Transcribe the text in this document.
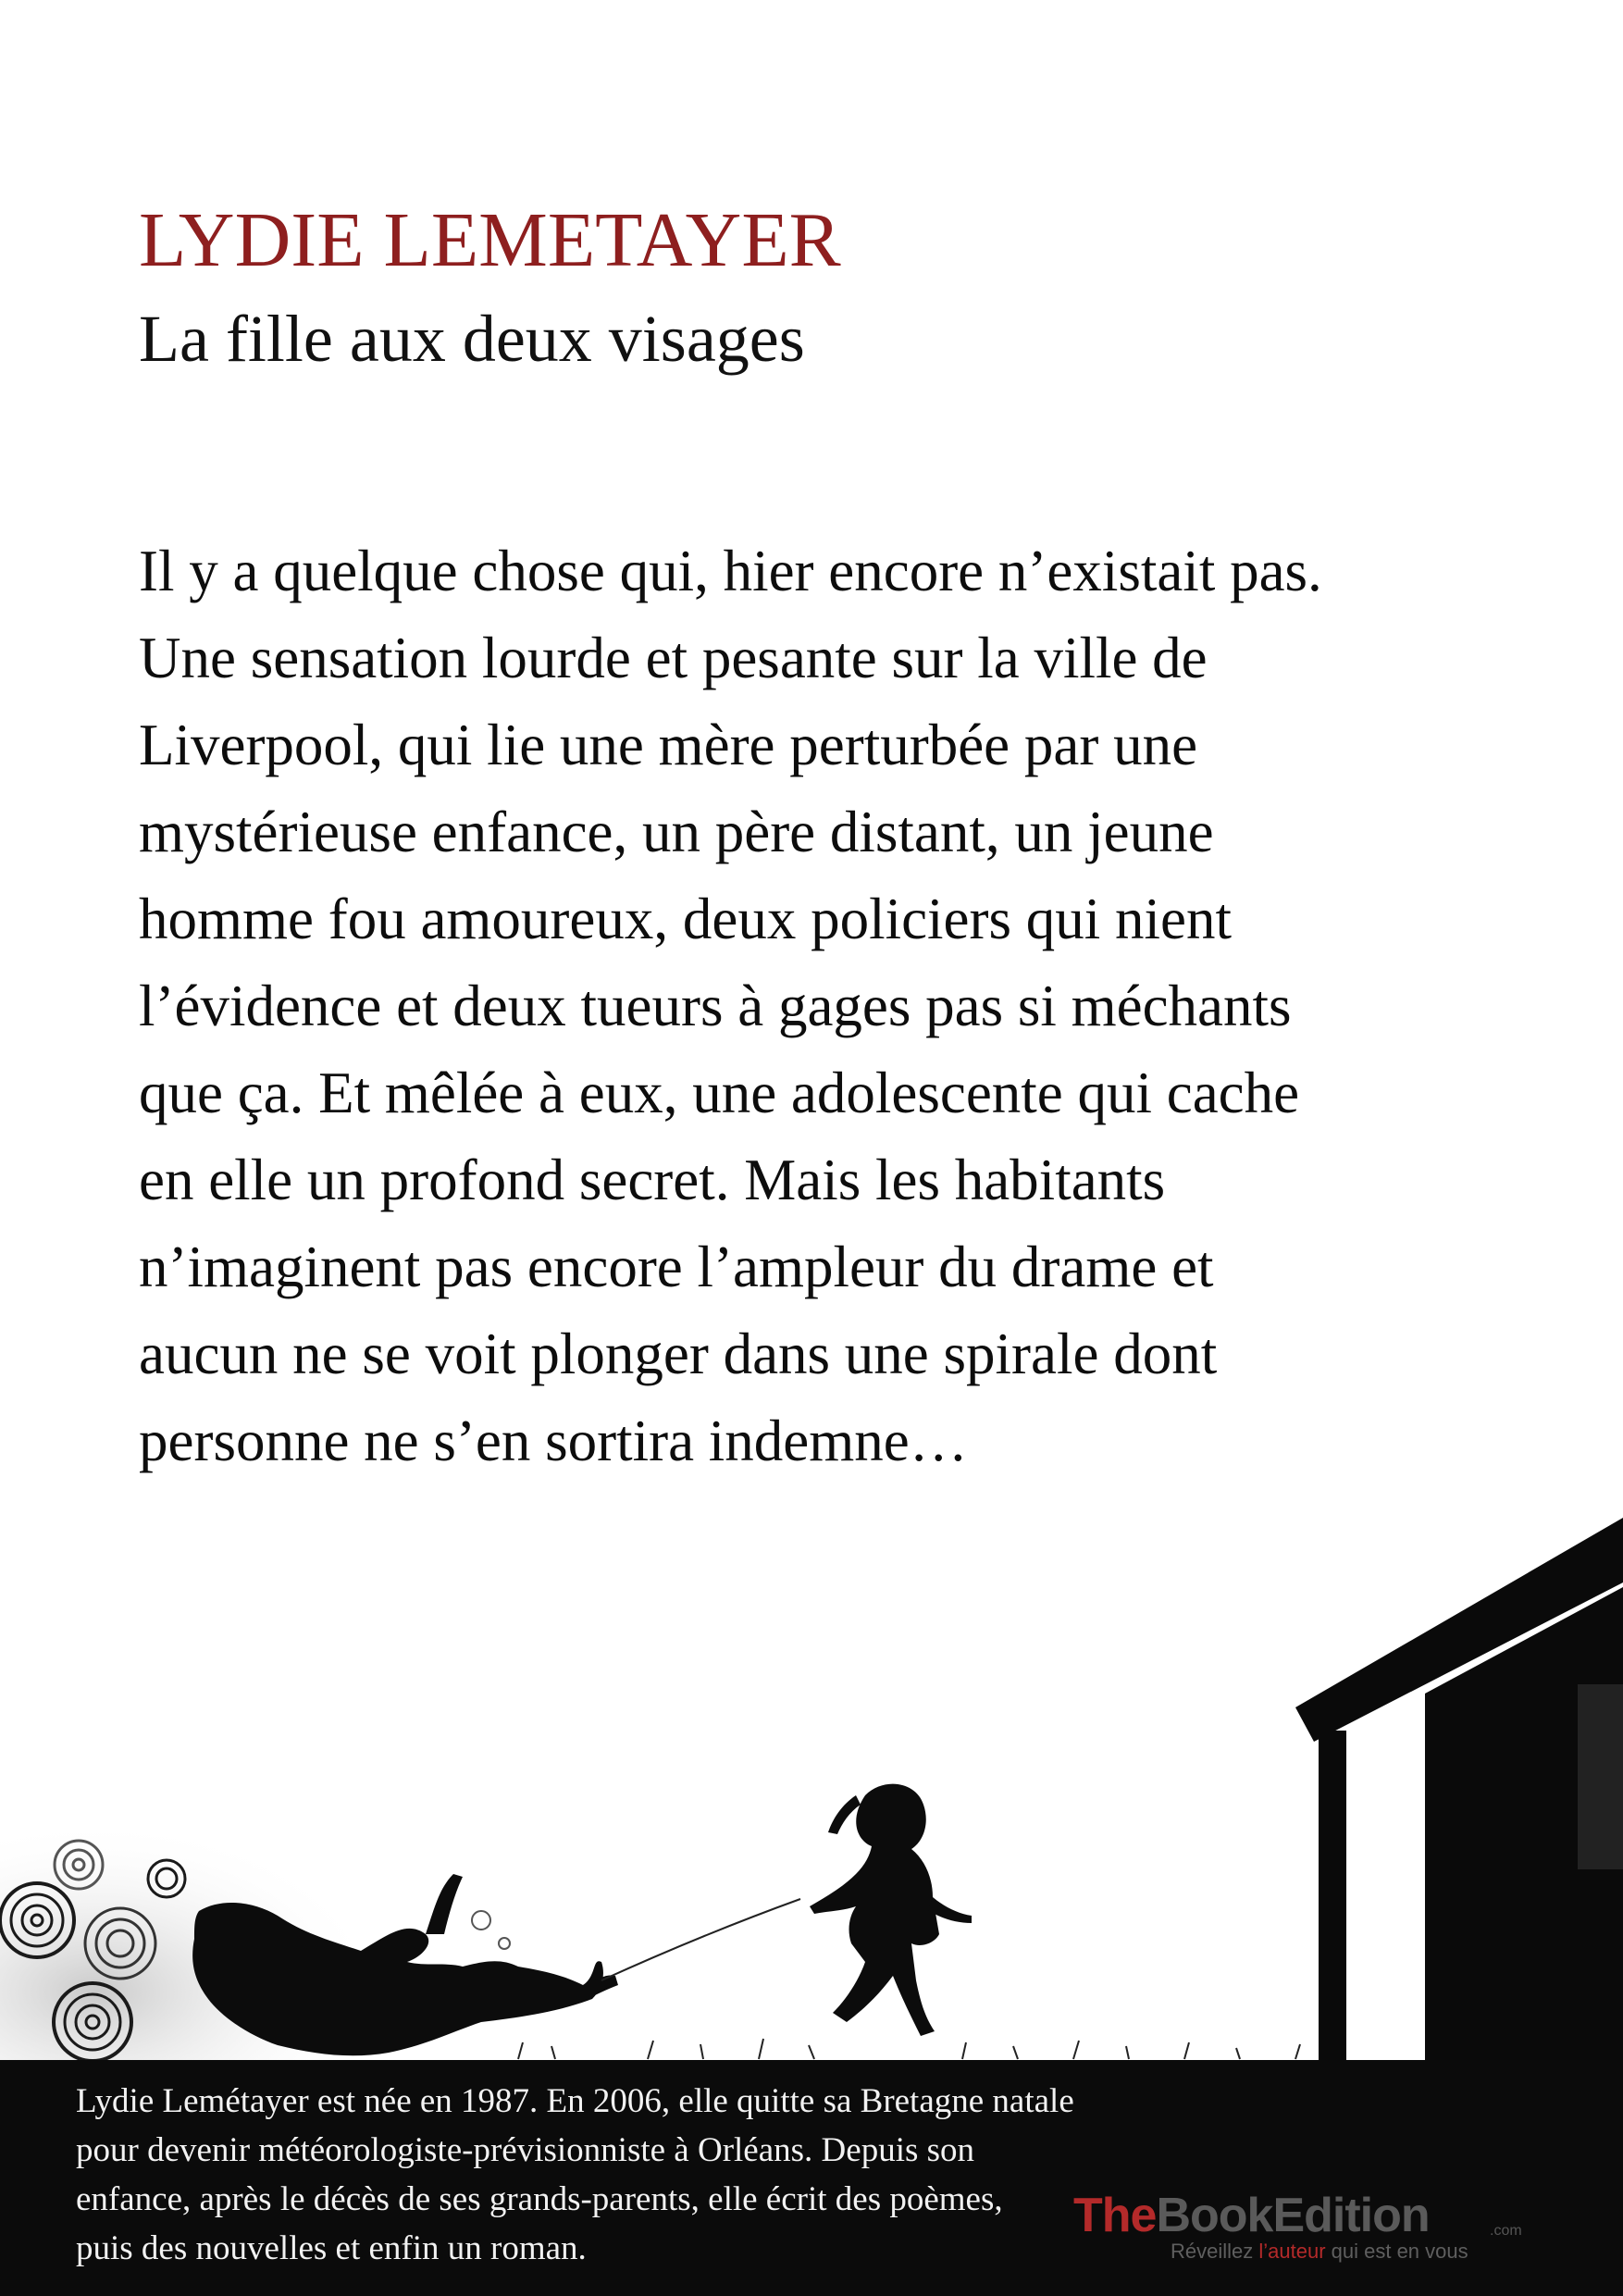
LYDIE LEMETAYER
La fille aux deux visages
Il y a quelque chose qui, hier encore n’existait pas.
Une sensation lourde et pesante sur la ville de
Liverpool, qui lie une mère perturbée par une
mystérieuse enfance, un père distant, un jeune
homme fou amoureux, deux policiers qui nient
l’évidence et deux tueurs à gages pas si méchants
que ça. Et mêlée à eux, une adolescente qui cache
en elle un profond secret. Mais les habitants
n’imaginent pas encore l’ampleur du drame et
aucun ne se voit plonger dans une spirale dont
personne ne s’en sortira indemne…
Lydie Lemétayer est née en 1987. En 2006, elle quitte sa Bretagne natale
pour devenir météorologiste-prévisionniste à Orléans. Depuis son
enfance, après le décès de ses grands-parents, elle écrit des poèmes,
puis des nouvelles et enfin un roman.
TheBookEdition	.com
Réveillez l’auteur qui est en vous
